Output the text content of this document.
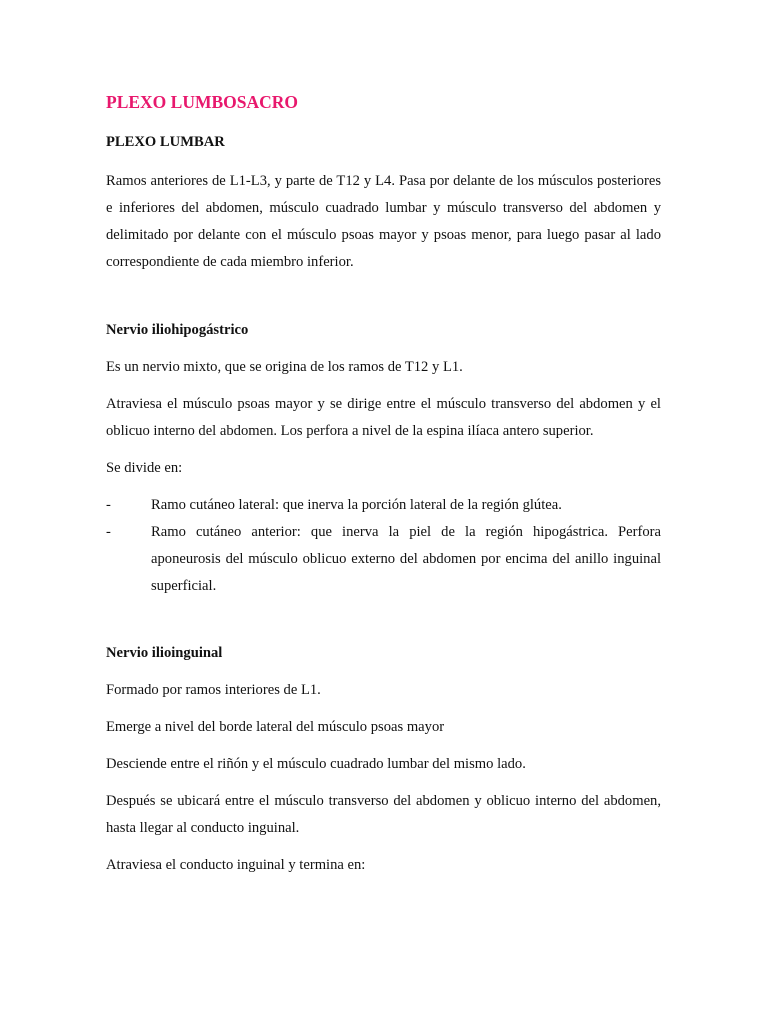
PLEXO LUMBOSACRO
PLEXO LUMBAR

Ramos anteriores de L1-L3, y parte de T12 y L4. Pasa por delante de los músculos posteriores e inferiores del abdomen, músculo cuadrado lumbar y músculo transverso del abdomen y delimitado por delante con el músculo psoas mayor y psoas menor, para luego pasar al lado correspondiente de cada miembro inferior.

Nervio iliohipogástrico

Es un nervio mixto, que se origina de los ramos de T12 y L1.

Atraviesa el músculo psoas mayor y se dirige entre el músculo transverso del abdomen y el oblicuo interno del abdomen. Los perfora a nivel de la espina ilíaca antero superior.

Se divide en:

-	Ramo cutáneo lateral: que inerva la porción lateral de la región glútea.
-	Ramo cutáneo anterior: que inerva la piel de la región hipogástrica. Perfora aponeurosis del músculo oblicuo externo del abdomen por encima del anillo inguinal superficial.
Nervio ilioinguinal

Formado por ramos interiores de L1.

Emerge a nivel del borde lateral del músculo psoas mayor

Desciende entre el riñón y el músculo cuadrado lumbar del mismo lado.

Después se ubicará entre el músculo transverso del abdomen y oblicuo interno del abdomen, hasta llegar al conducto inguinal.

Atraviesa el conducto inguinal y termina en:
